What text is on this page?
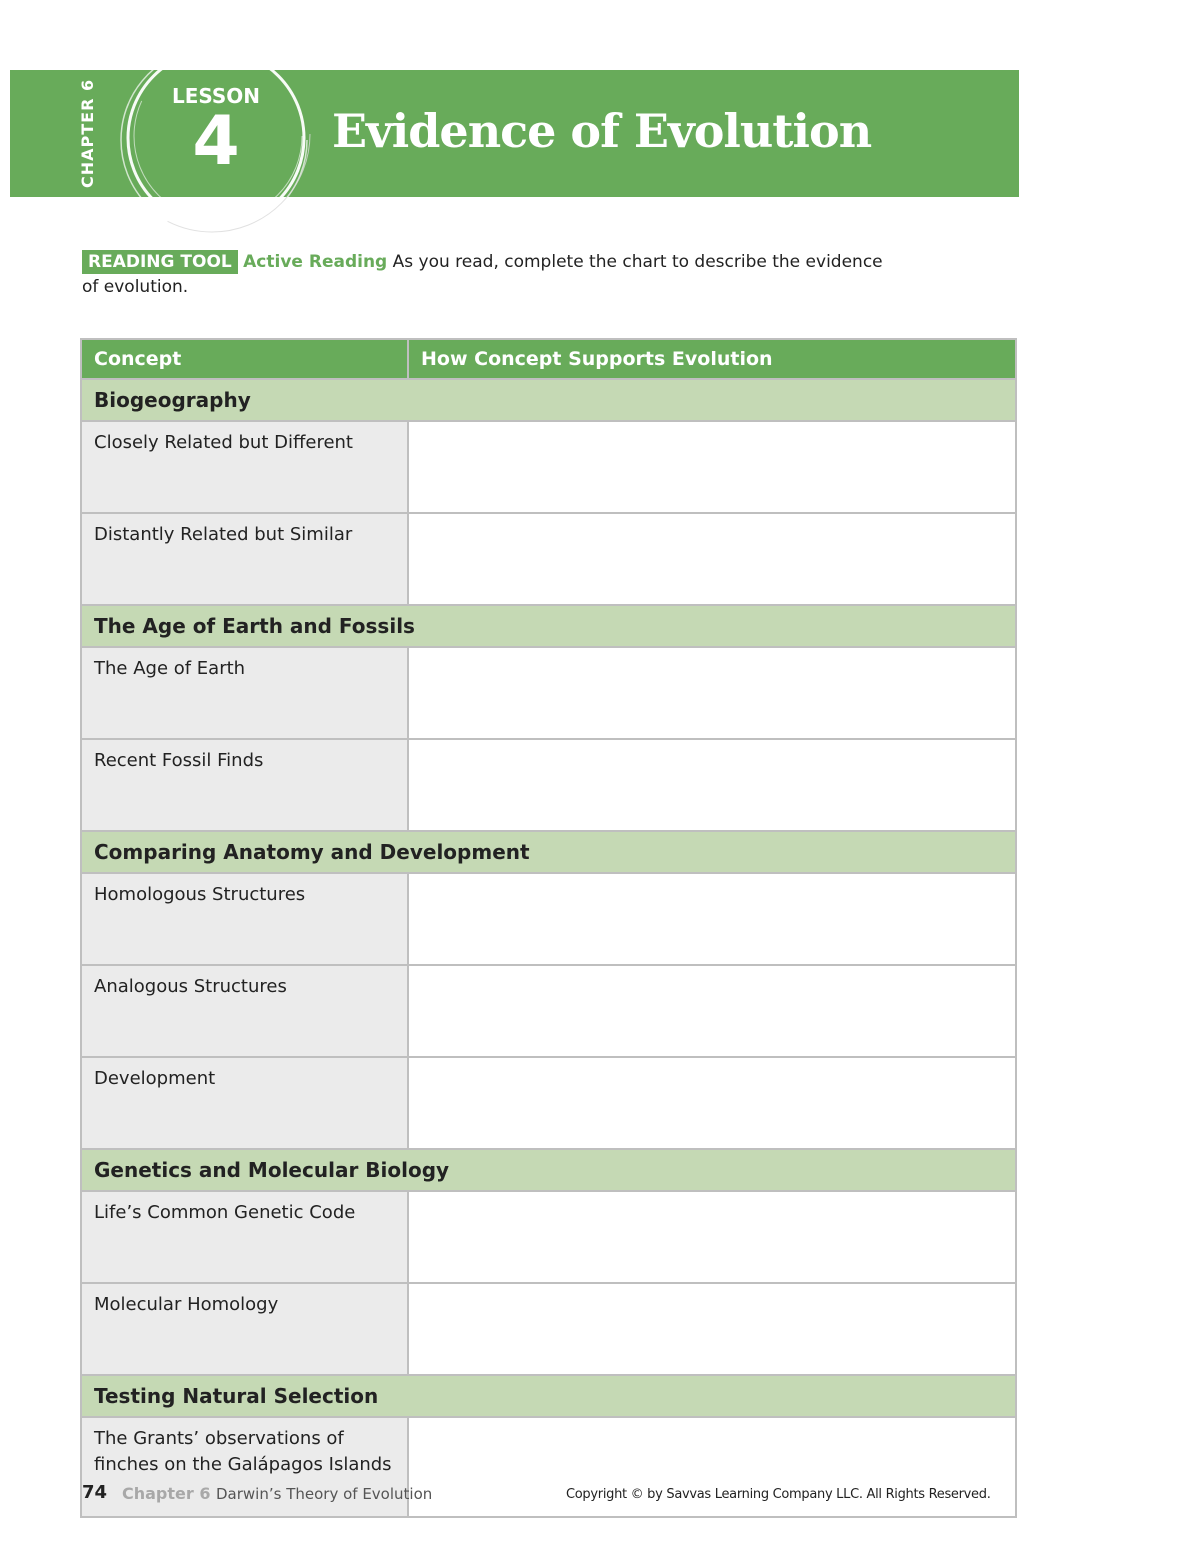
CHAPTER 6	LESSON
4	Evidence of Evolution
READING TOOL Active Reading As you read, complete the chart to describe the evidence of evolution.
Concept	How Concept Supports Evolution
Biogeography	
Closely Related but Different	
Distantly Related but Similar	
The Age of Earth and Fossils	
The Age of Earth	
Recent Fossil Finds	
Comparing Anatomy and Development	
Homologous Structures	
Analogous Structures	
Development	
Genetics and Molecular Biology	
Life’s Common Genetic Code	
Molecular Homology	
Testing Natural Selection	
The Grants’ observations of finches on the Galápagos Islands	
74 Chapter 6 Darwin’s Theory of Evolution	Copyright © by Savvas Learning Company LLC. All Rights Reserved.
